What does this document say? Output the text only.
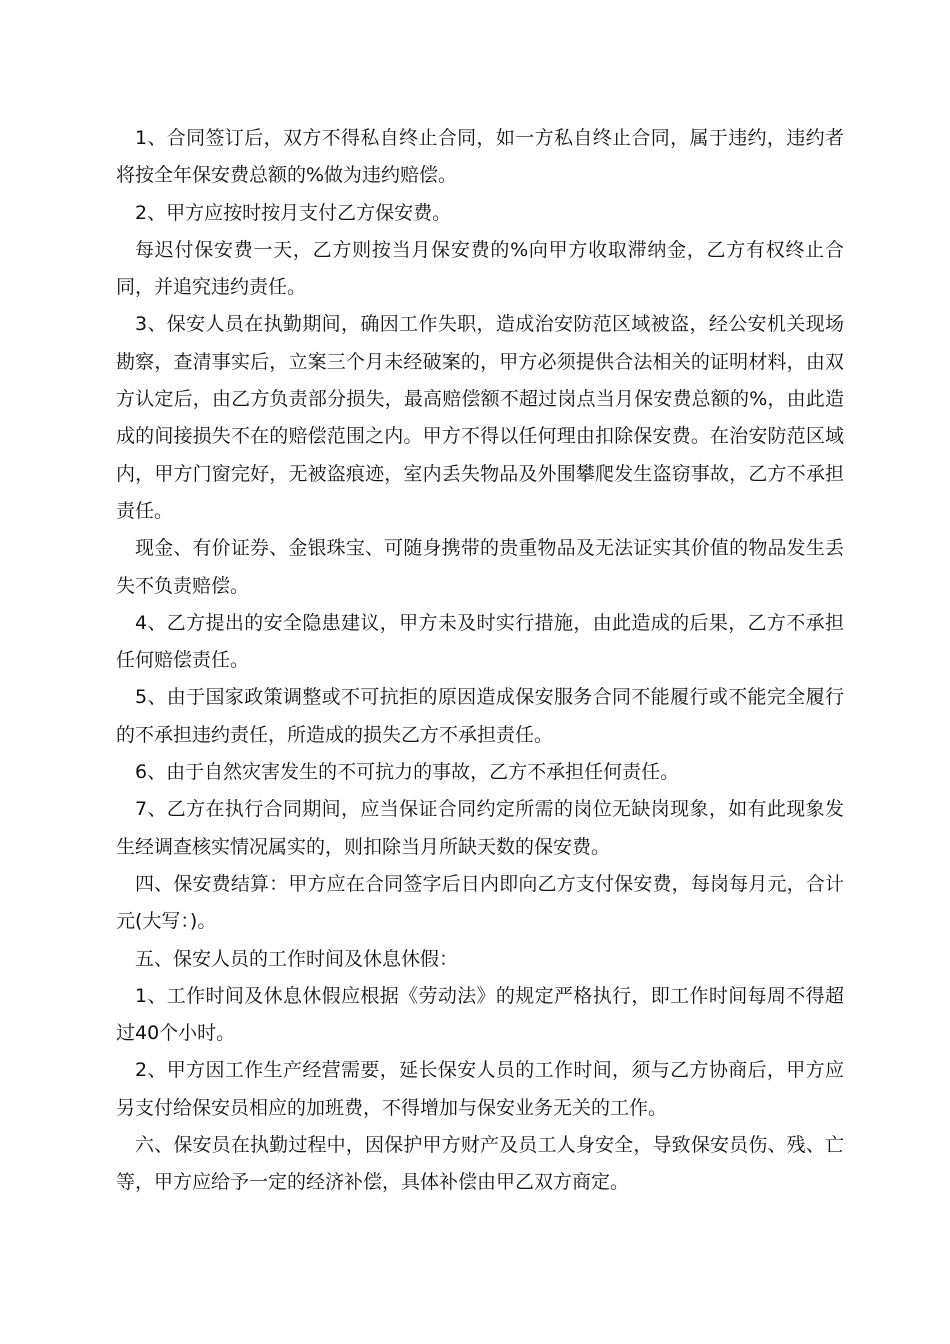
1、合同签订后，双方不得私自终止合同，如一方私自终止合同，属于违约，违约者将按全年保安费总额的%做为违约赔偿。

2、甲方应按时按月支付乙方保安费。

每迟付保安费一天，乙方则按当月保安费的%向甲方收取滞纳金，乙方有权终止合同，并追究违约责任。

3、保安人员在执勤期间，确因工作失职，造成治安防范区域被盗，经公安机关现场勘察，查清事实后，立案三个月未经破案的，甲方必须提供合法相关的证明材料，由双方认定后，由乙方负责部分损失，最高赔偿额不超过岗点当月保安费总额的%，由此造成的间接损失不在的赔偿范围之内。甲方不得以任何理由扣除保安费。在治安防范区域内，甲方门窗完好，无被盗痕迹，室内丢失物品及外围攀爬发生盗窃事故，乙方不承担责任。

现金、有价证券、金银珠宝、可随身携带的贵重物品及无法证实其价值的物品发生丢失不负责赔偿。

4、乙方提出的安全隐患建议，甲方未及时实行措施，由此造成的后果，乙方不承担任何赔偿责任。

5、由于国家政策调整或不可抗拒的原因造成保安服务合同不能履行或不能完全履行的不承担违约责任，所造成的损失乙方不承担责任。

6、由于自然灾害发生的不可抗力的事故，乙方不承担任何责任。

7、乙方在执行合同期间，应当保证合同约定所需的岗位无缺岗现象，如有此现象发生经调查核实情况属实的，则扣除当月所缺天数的保安费。

四、保安费结算：甲方应在合同签字后日内即向乙方支付保安费，每岗每月元，合计元(大写：)。

五、保安人员的工作时间及休息休假：

1、工作时间及休息休假应根据《劳动法》的规定严格执行，即工作时间每周不得超过40个小时。

2、甲方因工作生产经营需要，延长保安人员的工作时间，须与乙方协商后，甲方应另支付给保安员相应的加班费，不得增加与保安业务无关的工作。

六、保安员在执勤过程中，因保护甲方财产及员工人身安全，导致保安员伤、残、亡等，甲方应给予一定的经济补偿，具体补偿由甲乙双方商定。
